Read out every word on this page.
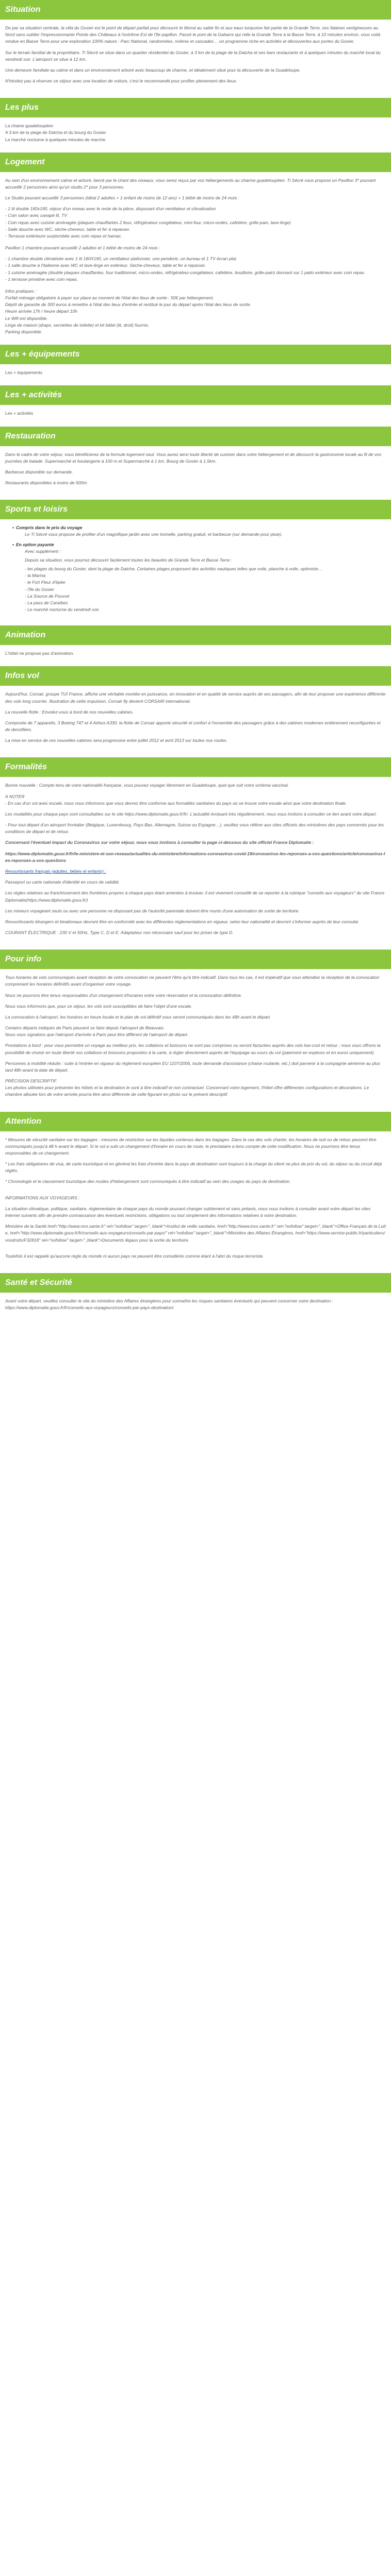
Situation

De par sa situation centrale, la villa du Gosier est le point de départ parfait pour découvrir le littoral au sable fin et aux eaux turquoise fait partie de la Grande Terre, ses falaises vertigineuses au Nord sans oublier l'impressionnante Pointe des Châteaux à l'extrême Est de l'île papillon. Passé le pont de la Gabarre qui relie la Grande Terre à la Basse Terre, à 10 minutes environ, vous voilà rendue en Basse Terre pour une exploration 100% nature : Parc National, randonnées, rivières et cascades… un programme riche en activités et découvertes aux portes du Gosier.

Sur le terrain familial de la propriétaire, Ti Sécré se situe dans un quartier résidentiel du Gosier, à 3 km de la plage de la Datcha et ses bars restaurants et à quelques minutes du marché local du vendredi soir. L'aéroport se situe à 12 km.

Une demeure familiale au calme et dans un environnement arboré avec beaucoup de charme, et idéalement situé pour la découverte de la Guadeloupe.

N'hésitez pas à réserver ce séjour avec une location de voiture, c'est le recommandé pour profiter pleinement des lieux.

Les plus
La chaine guadeloupéen
A 3 km de la plage de Datcha et du bourg du Gosier
Le marché nocturne à quelques minutes de marche
Logement

Au sein d'un environnement calme et arboré, bercé par le chant des oiseaux, vous serez reçus par vos hébergements au charme guadeloupéen. Ti Sécré vous propose un Pavillon 3* pouvant accueillir 2 personnes ainsi qu'un studio 2* pour 3 personnes.

Le Studio pouvant accueillir 3 personnes (idéal 2 adultes + 1 enfant de moins de 12 ans) + 1 bébé de moins de 24 mois :

- 1 lit double 160x190, séjour d'un niveau avec le reste de la pièce, disposant d'un ventilateur et climatisation
- Coin salon avec canapé lit, TV
- Coin repas avec cuisine aménagée (plaques chauffantes 2 feux, réfrigérateur congélateur, mini-four, micro-ondes, cafetière, grille-pain, lave-linge)
- Salle douche avec WC, sèche-cheveux, table et fer à repasser.
- Terrasse extérieure surplombée avec coin repas et hamac.

Pavillon 1 chambre pouvant accueillir 2 adultes et 1 bébé de moins de 24 mois :

- 1 chambre double climatisée avec 1 lit 160X190, un ventilateur plafonnier, une penderie, un bureau et 1 TV écran plat.
- 1 salle douche à l'italienne avec WC et lave-linge en extérieur. Sèche-cheveux, table et fer à repasser.
- 1 cuisine aménagée (double plaques chauffantes, four traditionnel, micro-ondes, réfrigérateur-congélateur, cafetière, bouilloire, grille-pain) donnant sur 1 patio extérieur avec coin repas.
- 1 terrasse privative avec coin repas.
Infos pratiques :
Forfait ménage obligatoire à payer sur place au moment de l'état des lieux de sortie : 50€ par hébergement.
Dépôt de garantie de 300 euros à remettre à l'état des lieux d'entrée et restitué le jour du départ après l'état des lieux de sortie.
Heure arrivée 17h / heure départ 10h
Le Wifi est disponible.
Linge de maison (draps, serviettes de toilette) et kit bébé (lit, droit) fournis.
Parking disponible.
Les + équipements
Les + équipements
Les + activités
Les + activités
Restauration

Dans le cadre de votre séjour, vous bénéficierez de la formule logement seul. Vous aurez ainsi toute liberté de cuisiner dans votre hébergement et de découvrir la gastronomie locale au fil de vos journées de balade. Supermarché et boulangerie à 100 m et Supermarché à 1 km. Bourg de Gosier à 1,5km.

Barbecue disponible sur demande.

Restaurants disponibles à moins de 500m

Sports et loisirs
• Compris dans le prix du voyage

Le Ti Sécré vous propose de profiter d'un magnifique jardin avec une tonnelle, parking gratuit, et barbecue (sur demande pour pluie).

• En option payante

Avec supplément :

Depuis sa situation, vous pourrez découvrir facilement toutes les beautés de Grande Terre et Basse Terre :

- les plages du bourg du Gosier, dont la plage de Datcha. Certaines plages proposent des activités nautiques telles que voile, planche à voile, optimiste…
- la Marina
- le Fort Fleur d'épée
- l'île du Gosier
- La Source de Pouvoir
- La pass de Caraïbes
- Le marché nocturne du vendredi soir.
Animation
L'hôtel ne propose pas d'animation.
Infos vol

Aujourd'hui, Corsair, groupe TUI France, affiche une véritable montée en puissance, en innovation et en qualité de service auprès de ses passagers, afin de leur proposer une expérience différente des vols long courrier. Illustration de cette impulsion, Corsair fly devient CORSAIR international.

La nouvelle flotte : Envolez-vous à bord de nos nouvelles cabines.

Composée de 7 appareils, 3 Boeing 747 et 4 Airbus A330, la flotte de Corsair apporte sécurité et confort à l'ensemble des passagers grâce à des cabines modernes entièrement reconfigurées et de densifiées.

La mise en service de ces nouvelles cabines sera progressive entre juillet 2012 et avril 2013 sur toutes nos routes.

Formalités

Bonne nouvelle : Compte tenu de votre nationalité française, vous pouvez voyager librement en Guadeloupe, quel que soit votre schéma vaccinal.

A NOTER

- En cas d'un vol avec escale, nous vous informons que vous devrez être conforme aux formalités sanitaires du pays où se trouve votre escale ainsi que votre destination finale.

Les modalités pour chaque pays sont consultables sur le site https://www.diplomatie.gouv.fr/fr/. L'actualité évoluant très régulièrement, nous vous invitons à consulter ce lien avant votre départ.

- Pour tout départ d'un aéroport frontalier (Belgique, Luxembourg, Pays-Bas, Allemagne, Suisse ou Espagne…), veuillez vous référer aux sites officiels des ministères des pays concernés pour les conditions de départ et de retour.

Concernant l'éventuel impact du Coronavirus sur votre séjour, nous vous invitons à consulter la page ci-dessous du site officiel France Diplomatie :

https://www.diplomatie.gouv.fr/fr/le-ministere-et-son-reseau/actualites-du-ministere/informations-coronavirus-covid-19/coronavirus-les-reponses-a-vos-questions/article/coronavirus-les-reponses-a-vos-questions

Ressortissants français (adultes, bébés et enfants) :

Passeport ou carte nationale d'identité en cours de validité.

Les règles relatives au franchissement des frontières propres à chaque pays étant amenées à évoluer, il est vivement conseillé de se reporter à la rubrique "conseils aux voyageurs" du site France Diplomatie(https://www.diplomatie.gouv.fr/)

Les mineurs voyageant seuls ou avec une personne ne disposant pas de l'autorité parentale doivent être munis d'une autorisation de sortie de territoire.

Ressortissants étrangers et binationaux devront être en conformité avec les différentes réglementations en vigueur, selon leur nationalité et devront s'informer auprès de leur consulat.

COURANT ÉLECTRIQUE : 230 V et 50Hz, Type C, D et E. Adaptateur non nécessaire sauf pour les prises de type D.

Pour info

Tous horaires de vols communiqués avant réception de votre convocation ne peuvent l'être qu'à titre indicatif. Dans tous les cas, il est impératif que vous attendiez la réception de la convocation comprenant les horaires définitifs avant d'organiser votre voyage.

Nous ne pourrons être tenus responsables d'un changement d'horaires entre votre réservation et la convocation définitive.

Nous vous informons que, pour ce séjour, les vols sont susceptibles de faire l'objet d'une escale.

La convocation à l'aéroport, les horaires en heure locale et le plan de vol définitif vous seront communiqués dans les 48h avant le départ.

Certains départs indiqués de Paris peuvent se faire depuis l'aéroport de Beauvais.

Nous vous signalons que l'aéroport d'arrivée à Paris peut être différent de l'aéroport de départ.

Prestations à bord : pour vous permettre un voyage au meilleur prix, les collations et boissons ne sont pas comprises ou seront facturées auprès des vols low-cost et retour ; nous vous offrons la possibilité de choisir en toute liberté vos collations et boissons proposées à la carte, à régler directement auprès de l'équipage au cours du vol (paiement en espèces et en euros uniquement).

Personnes à mobilité réduite : suite à l'entrée en vigueur du règlement européen EU 1107/2006, toute demande d'assistance (chaise roulante, etc.) doit parvenir à la compagnie aérienne au plus tard 48h avant la date de départ.

PRÉCISION DESCRIPTIF

Les photos utilisées pour présenter les hôtels et la destination le sont à titre indicatif et non contractuel. Concernant votre logement, l'hôtel offre différentes configurations et décorations. Le chambre allouée lors de votre arrivée pourra être ainsi différente de celle figurant en photo sur le présent descriptif.

Attention

* Mesures de sécurité sanitaire sur les bagages : mesures de restriction sur les liquides contenus dans les bagages. Dans le cas des vols charter, les horaires de nuit ou de retour peuvent être communiqués jusqu'à 48 h avant le départ. Si le vol a subi un changement d'horaire en cours de route, le prestataire a tenu compte de cette modification. Nous ne pourrions être tenus responsables de ce changement.

* Les frais obligatoires de visa, de carte touristique et en général les frais d'entrée dans le pays de destination sont toujours à la charge du client ne plus de prix du vol, du séjour ou du circuit déjà réglés.

* Chronologie et le classement touristique des modes d'hébergement sont communiqués à titre indicatif au sein des usages du pays de destination.

INFORMATIONS AUX VOYAGEURS :

La situation climatique, politique, sanitaire, réglementaire de chaque pays du monde pouvant changer subitement et sans préavis, nous vous invitons à consulter avant votre départ les sites internet suivants afin de prendre connaissance des éventuels restrictions, obligations ou tout simplement des informations relatives à votre destination.

Ministère de la Santé href="http://www.mm.sante.fr" rel="nofollow" target="_blank">Institut de veille sanitaire, href="http://www.invs.sante.fr" rel="nofollow" target="_blank">Office Français de la Lutte, href="http://www.diplomatie.gouv.fr/fr/conseils-aux-voyageurs/conseils-par-pays/" rel="nofollow" target="_blank">Ministère des Affaires Étrangères, href="https://www.service-public.fr/particuliers/vosdroits/F32818" rel="nofollow" target="_blank">Documents légaux pour la sortie du territoire.

Toutefois il est rappelé qu'aucune règle du monde ni aucun pays ne peuvent être considérés comme étant à l'abri du risque terroriste.

Santé et Sécurité

Avant votre départ, veuillez consulter le site du ministère des Affaires étrangères pour connaître les risques sanitaires éventuels qui peuvent concerner votre destination : https://www.diplomatie.gouv.fr/fr/conseils-aux-voyageurs/conseils-par-pays-destination/
